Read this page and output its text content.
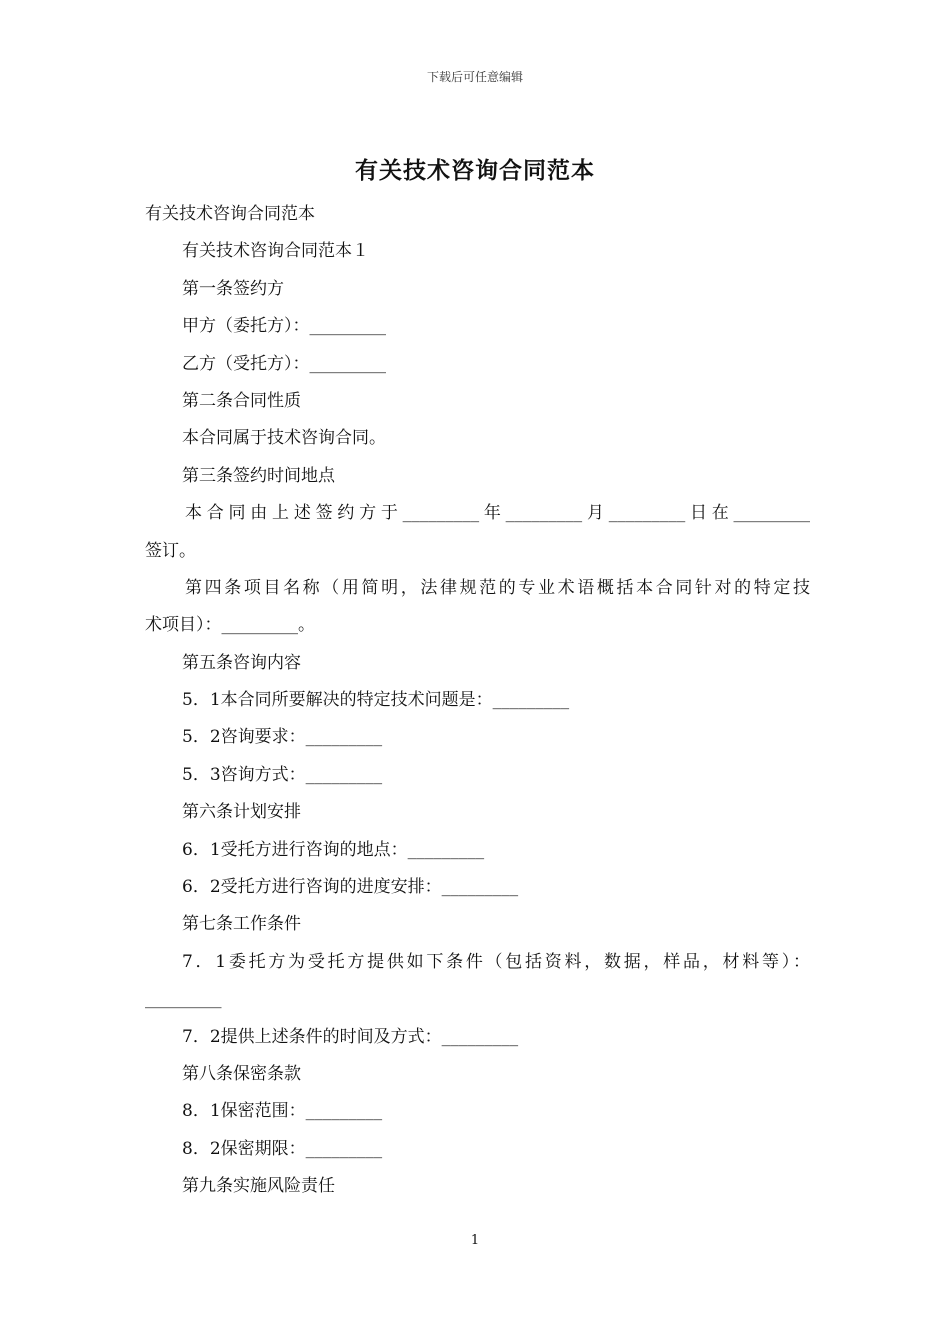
下载后可任意编辑
有关技术咨询合同范本
有关技术咨询合同范本
有关技术咨询合同范本１
第一条签约方
甲方（委托方）：_________
乙方（受托方）：_________
第二条合同性质
本合同属于技术咨询合同。
第三条签约时间地点
本合同由上述签约方于_________年_________月_________日在_________
签订。
第四条项目名称（用简明，法律规范的专业术语概括本合同针对的特定技
术项目）：_________。
第五条咨询内容
5．1本合同所要解决的特定技术问题是：_________
5．2咨询要求：_________
5．3咨询方式：_________
第六条计划安排
6．1受托方进行咨询的地点：_________
6．2受托方进行咨询的进度安排：_________
第七条工作条件
7．1委托方为受托方提供如下条件（包括资料，数据，样品，材料等）：
_________
7．2提供上述条件的时间及方式：_________
第八条保密条款
8．1保密范围：_________
8．2保密期限：_________
第九条实施风险责任
1
